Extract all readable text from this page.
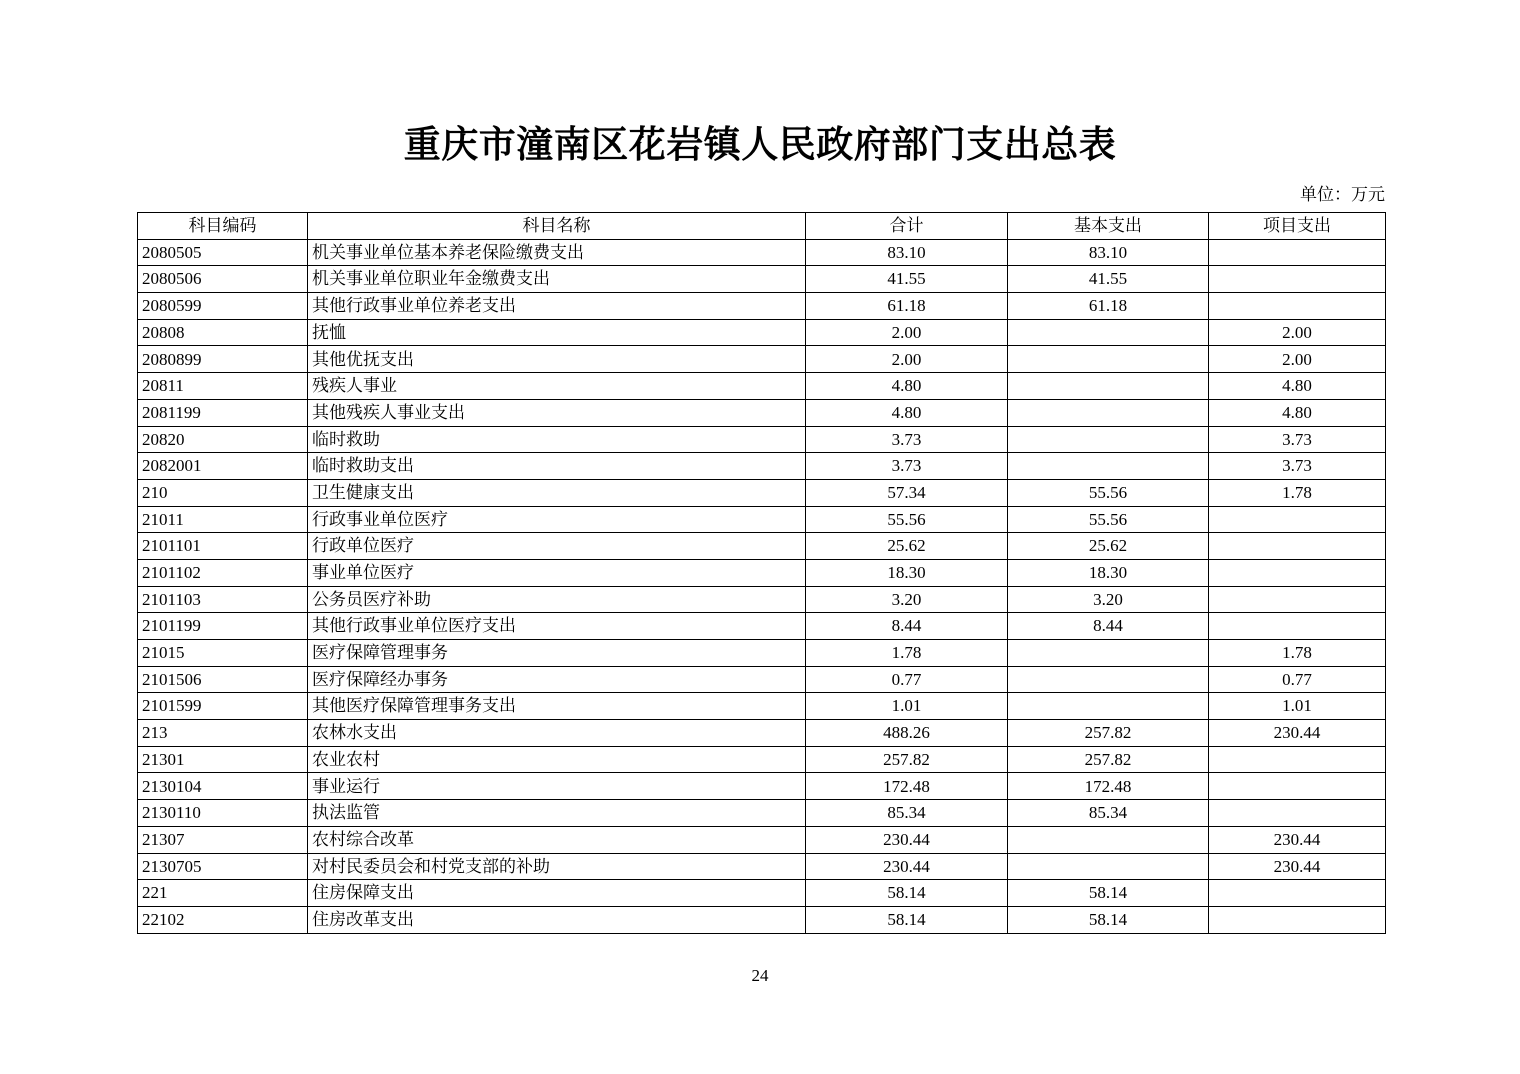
重庆市潼南区花岩镇人民政府部门支出总表
单位：万元
科目编码	科目名称	合计	基本支出	项目支出
2080505	机关事业单位基本养老保险缴费支出	83.10	83.10	
2080506	机关事业单位职业年金缴费支出	41.55	41.55	
2080599	其他行政事业单位养老支出	61.18	61.18	
20808	抚恤	2.00		2.00
2080899	其他优抚支出	2.00		2.00
20811	残疾人事业	4.80		4.80
2081199	其他残疾人事业支出	4.80		4.80
20820	临时救助	3.73		3.73
2082001	临时救助支出	3.73		3.73
210	卫生健康支出	57.34	55.56	1.78
21011	行政事业单位医疗	55.56	55.56	
2101101	行政单位医疗	25.62	25.62	
2101102	事业单位医疗	18.30	18.30	
2101103	公务员医疗补助	3.20	3.20	
2101199	其他行政事业单位医疗支出	8.44	8.44	
21015	医疗保障管理事务	1.78		1.78
2101506	医疗保障经办事务	0.77		0.77
2101599	其他医疗保障管理事务支出	1.01		1.01
213	农林水支出	488.26	257.82	230.44
21301	农业农村	257.82	257.82	
2130104	事业运行	172.48	172.48	
2130110	执法监管	85.34	85.34	
21307	农村综合改革	230.44		230.44
2130705	对村民委员会和村党支部的补助	230.44		230.44
221	住房保障支出	58.14	58.14	
22102	住房改革支出	58.14	58.14	
24
